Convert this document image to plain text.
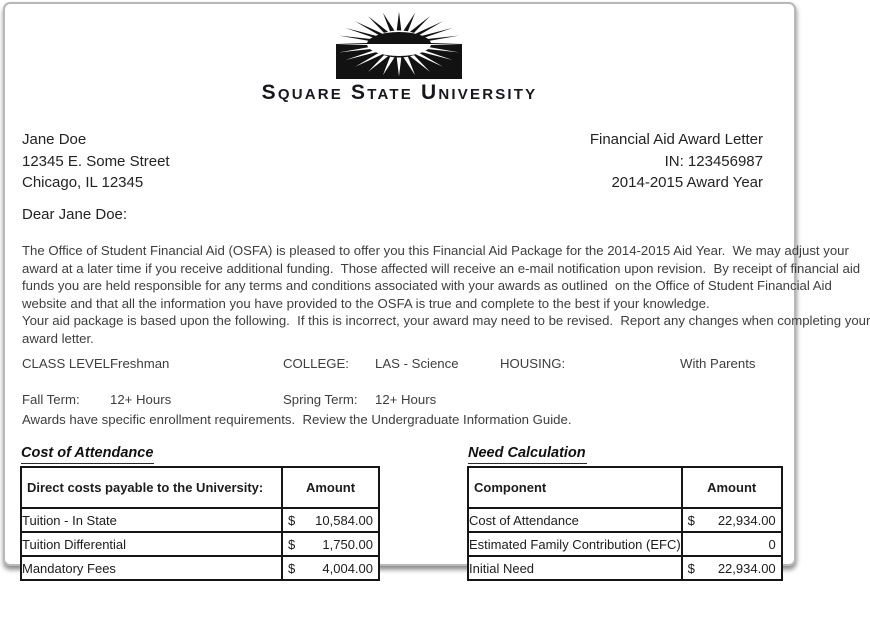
Square State University
Jane Doe
12345 E. Some Street
Chicago, IL 12345
Financial Aid Award Letter
IN: 123456987
2014-2015 Award Year
Dear Jane Doe:
The Office of Student Financial Aid (OSFA) is pleased to offer you this Financial Aid Package for the 2014-2015 Aid Year.  We may adjust your
award at a later time if you receive additional funding.  Those affected will receive an e-mail notification upon revision.  By receipt of financial aid
funds you are held responsible for any terms and conditions associated with your awards as outlined  on the Office of Student Financial Aid
website and that all the information you have provided to the OSFA is true and complete to the best if your knowledge.
Your aid package is based upon the following.  If this is incorrect, your award may need to be revised.  Report any changes when completing your
award letter.
CLASS LEVEL:
Freshman	COLLEGE: LAS - Science	HOUSING:	With Parents
Fall Term: 12+ Hours	Spring Term: 12+ Hours
Awards have specific enrollment requirements.  Review the Undergraduate Information Guide.
Cost of Attendance
Direct costs payable to the University:	Amount
Tuition - In State	$ 10,584.00

Tuition Differential	$ 1,750.00

Mandatory Fees	$ 4,004.00
Need Calculation
Component	Amount
Cost of Attendance	$ 22,934.00

Estimated Family Contribution (EFC)	0

Initial Need	$ 22,934.00
